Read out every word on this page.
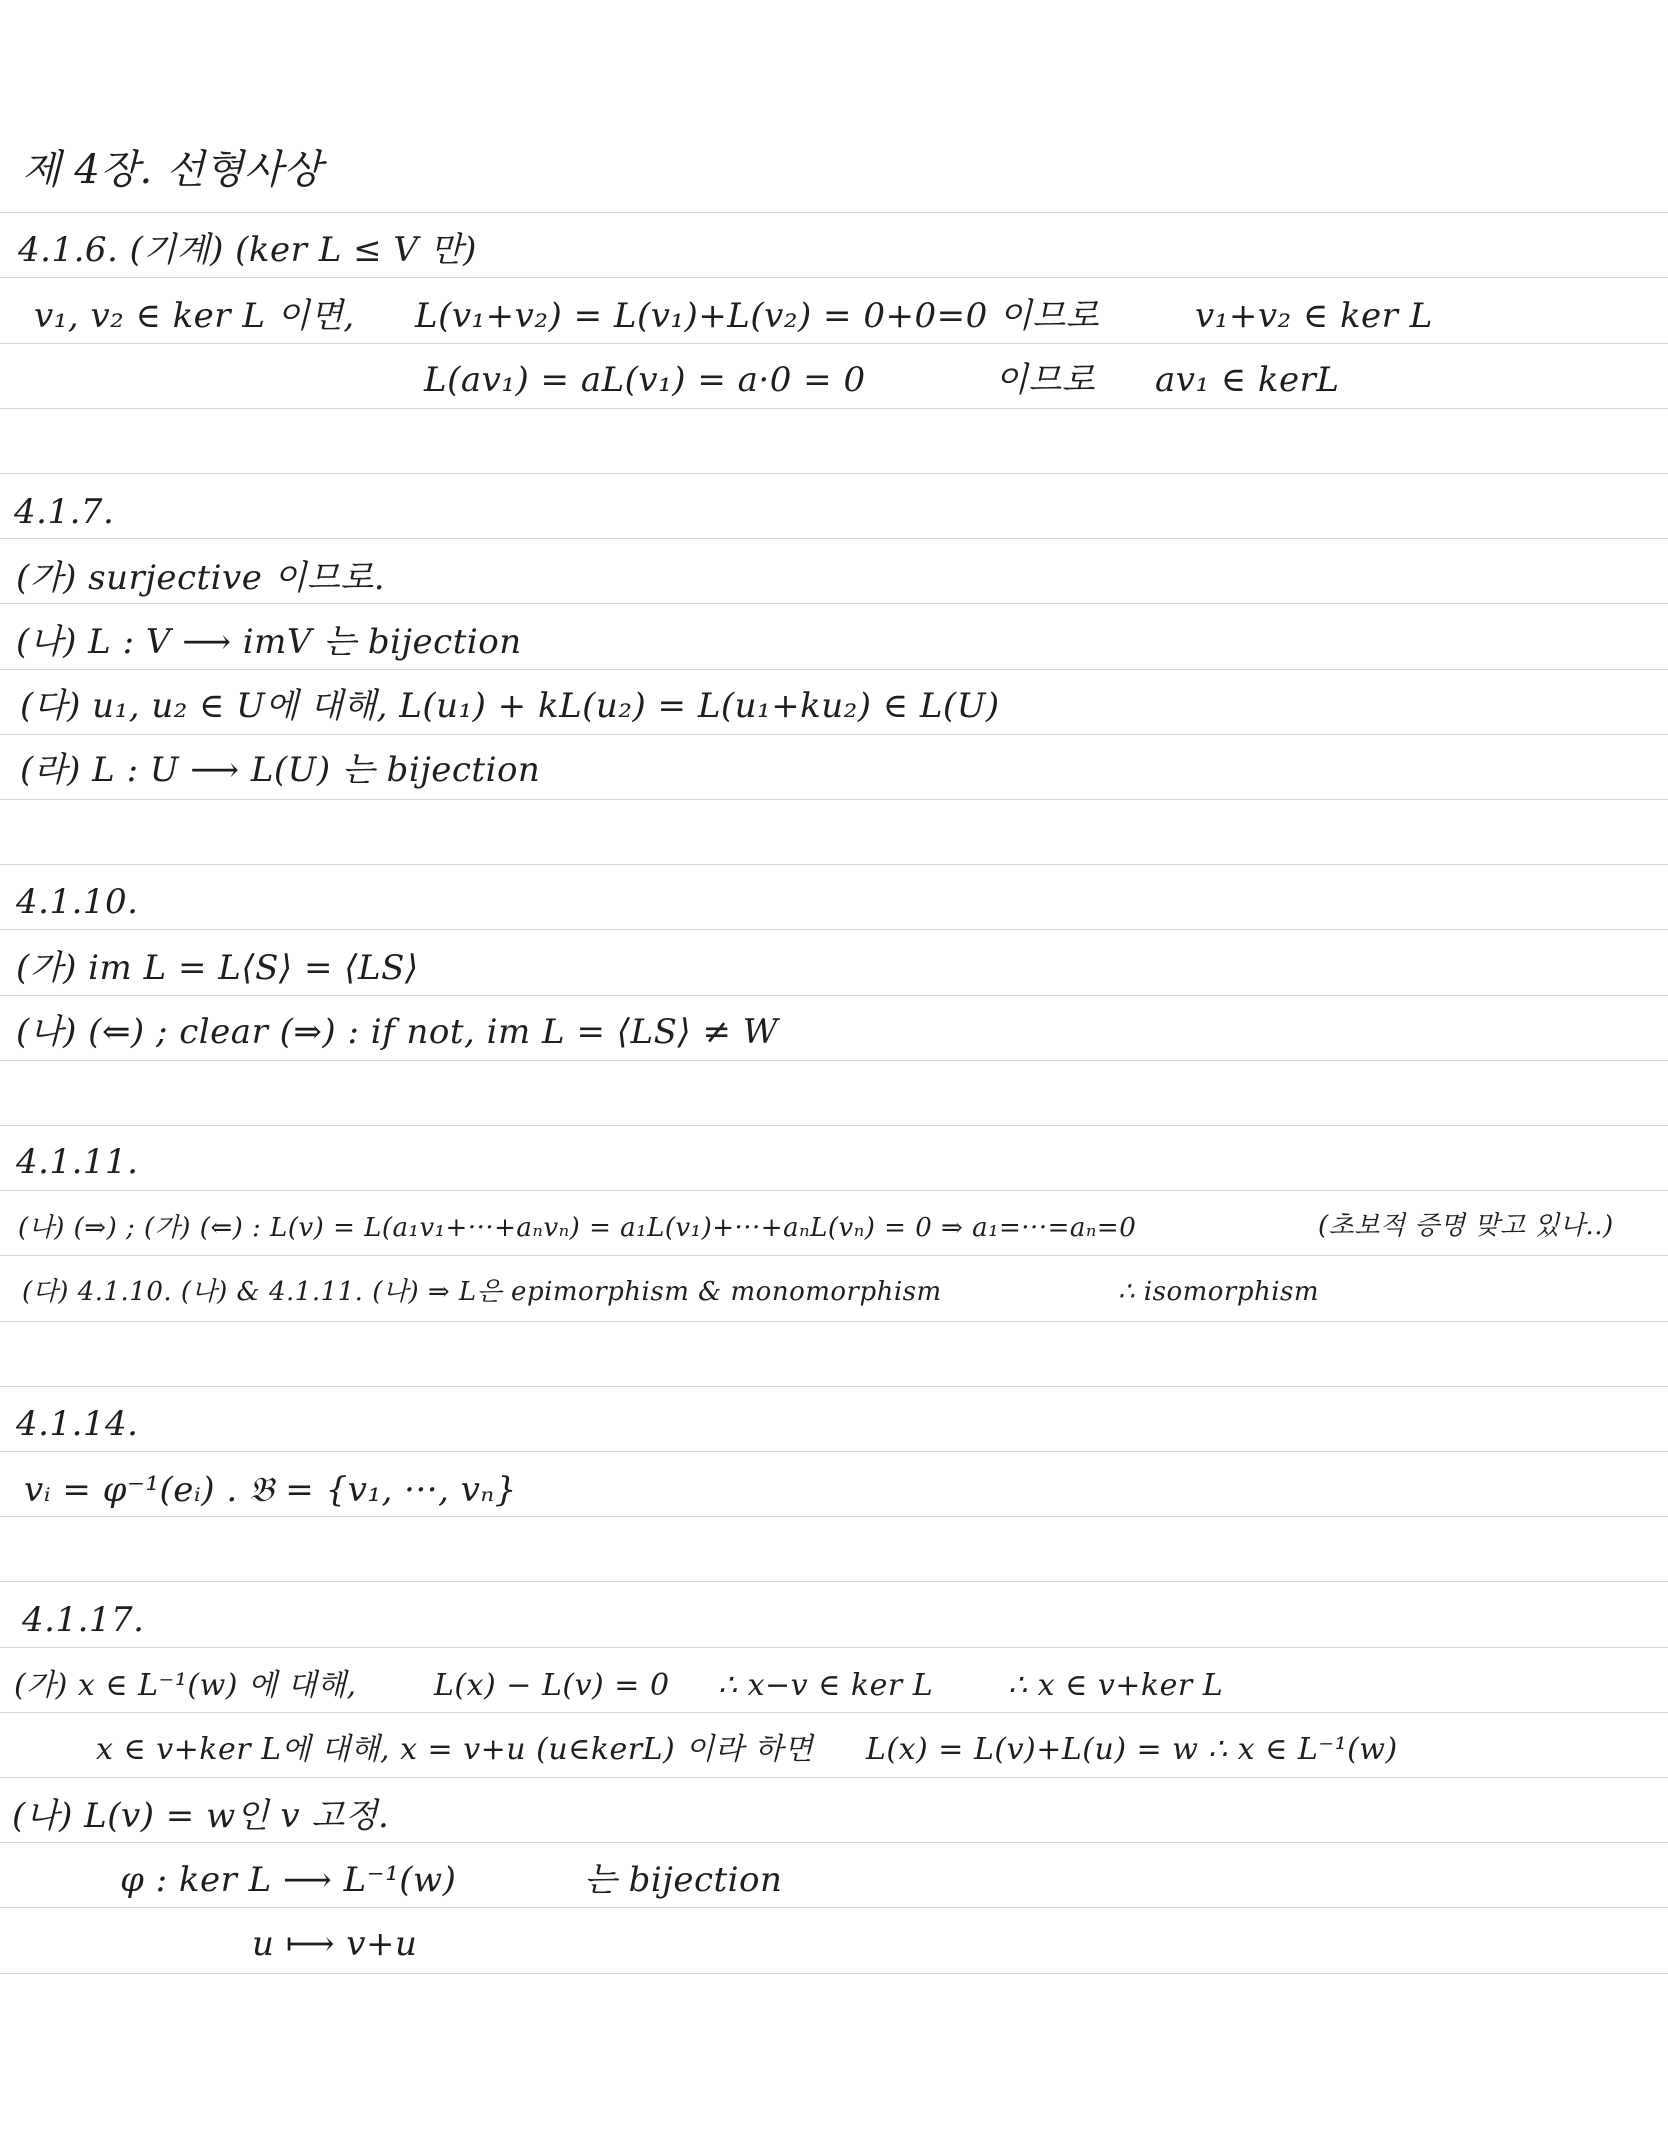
제 4장. 선형사상
4.1.6. (기계) (ker L ≤ V 만)
v₁, v₂ ∈ ker L 이면, L(v₁+v₂) = L(v₁)+L(v₂) = 0+0=0 이므로	v₁+v₂ ∈ ker L
L(av₁) = aL(v₁) = a·0 = 0	이므로 av₁ ∈ kerL
4.1.7.
(가) surjective 이므로.
(나) L : V ⟶ imV 는 bijection
(다) u₁, u₂ ∈ U에 대해, L(u₁) + kL(u₂) = L(u₁+ku₂) ∈ L(U)
(라) L : U ⟶ L(U) 는 bijection
4.1.10.
(가) im L = L⟨S⟩ = ⟨LS⟩
(나) (⇐) ; clear (⇒) : if not, im L = ⟨LS⟩ ≠ W
4.1.11.
(나) (⇒) ; (가) (⇐) : L(v) = L(a₁v₁+···+aₙvₙ) = a₁L(v₁)+···+aₙL(vₙ) = 0 ⇒ a₁=···=aₙ=0	(초보적 증명 맞고 있나..)
(다) 4.1.10. (나) & 4.1.11. (나) ⇒ L은 epimorphism & monomorphism	∴ isomorphism
4.1.14.
vᵢ = φ⁻¹(eᵢ) . 𝔅 = {v₁, ···, vₙ}
4.1.17.
(가) x ∈ L⁻¹(w) 에 대해,	L(x) − L(v) = 0 ∴ x−v ∈ ker L ∴ x ∈ v+ker L
x ∈ v+ker L에 대해, x = v+u (u∈kerL) 이라 하면 L(x) = L(v)+L(u) = w ∴ x ∈ L⁻¹(w)
(나) L(v) = w인 v 고정.
φ : ker L ⟶ L⁻¹(w)	는 bijection
u ⟼ v+u
